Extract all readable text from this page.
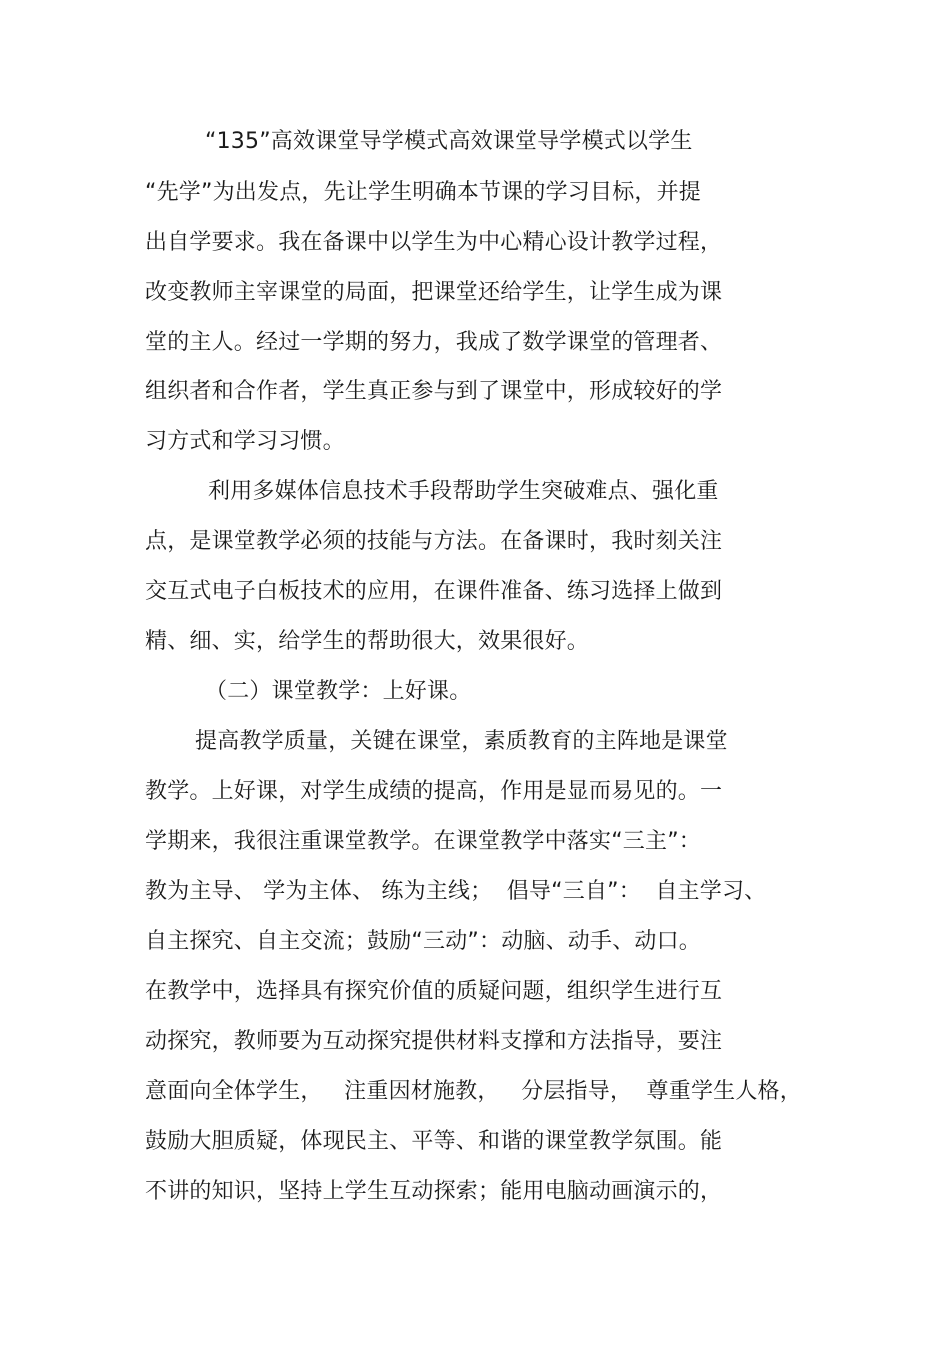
“135”高效课堂导学模式高效课堂导学模式以学生
“先学”为出发点，先让学生明确本节课的学习目标，并提
出自学要求。我在备课中以学生为中心精心设计教学过程，
改变教师主宰课堂的局面，把课堂还给学生，让学生成为课
堂的主人。经过一学期的努力，我成了数学课堂的管理者、
组织者和合作者，学生真正参与到了课堂中，形成较好的学
习方式和学习习惯。
利用多媒体信息技术手段帮助学生突破难点、强化重
点，是课堂教学必须的技能与方法。在备课时，我时刻关注
交互式电子白板技术的应用，在课件准备、练习选择上做到
精、细、实，给学生的帮助很大，效果很好。
（二）课堂教学：上好课。
提高教学质量，关键在课堂，素质教育的主阵地是课堂
教学。上好课，对学生成绩的提高，作用是显而易见的。一
学期来，我很注重课堂教学。在课堂教学中落实“三主”：
教为主导、 学为主体、 练为主线；  倡导“三自”：  自主学习、
自主探究、自主交流；鼓励“三动”：动脑、动手、动口。
在教学中，选择具有探究价值的质疑问题，组织学生进行互
动探究，教师要为互动探究提供材料支撑和方法指导，要注
意面向全体学生，   注重因材施教，   分层指导，  尊重学生人格，
鼓励大胆质疑，体现民主、平等、和谐的课堂教学氛围。能
不讲的知识，坚持上学生互动探索；能用电脑动画演示的，
